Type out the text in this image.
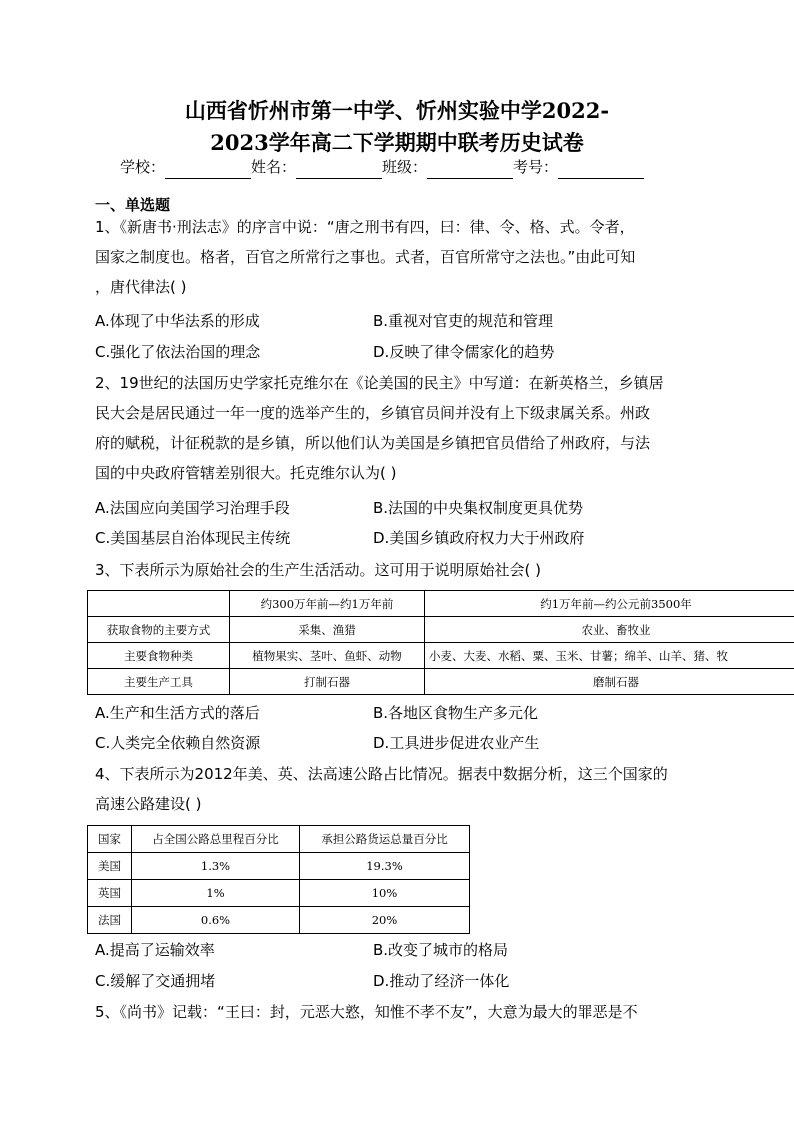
山西省忻州市第一中学、忻州实验中学2022-
2023学年高二下学期期中联考历史试卷
学校：	姓名：	班级：	考号：
一、单选题
1、《新唐书·刑法志》的序言中说：“唐之刑书有四，曰：律、令、格、式。令者，
国家之制度也。格者，百官之所常行之事也。式者，百官所常守之法也。”由此可知
，唐代律法( )
A.体现了中华法系的形成	B.重视对官吏的规范和管理
C.强化了依法治国的理念	D.反映了律令儒家化的趋势
2、19世纪的法国历史学家托克维尔在《论美国的民主》中写道：在新英格兰，乡镇居
民大会是居民通过一年一度的选举产生的，乡镇官员间并没有上下级隶属关系。州政
府的赋税，计征税款的是乡镇，所以他们认为美国是乡镇把官员借给了州政府，与法
国的中央政府管辖差别很大。托克维尔认为( )
A.法国应向美国学习治理手段	B.法国的中央集权制度更具优势
C.美国基层自治体现民主传统	D.美国乡镇政府权力大于州政府
3、下表所示为原始社会的生产生活活动。这可用于说明原始社会( )
	约300万年前—约1万年前	约1万年前—约公元前3500年
获取食物的主要方式	采集、渔猎	农业、畜牧业
主要食物种类	植物果实、茎叶、鱼虾、动物	小麦、大麦、水稻、粟、玉米、甘薯；绵羊、山羊、猪、牧
主要生产工具	打制石器	磨制石器
A.生产和生活方式的落后	B.各地区食物生产多元化
C.人类完全依赖自然资源	D.工具进步促进农业产生
4、下表所示为2012年美、英、法高速公路占比情况。据表中数据分析，这三个国家的
高速公路建设( )
国家	占全国公路总里程百分比	承担公路货运总量百分比
美国	1.3%	19.3%
英国	1%	10%
法国	0.6%	20%
A.提高了运输效率	B.改变了城市的格局
C.缓解了交通拥堵	D.推动了经济一体化
5、《尚书》记载：“王曰：封，元恶大憝，知惟不孝不友”，大意为最大的罪恶是不
